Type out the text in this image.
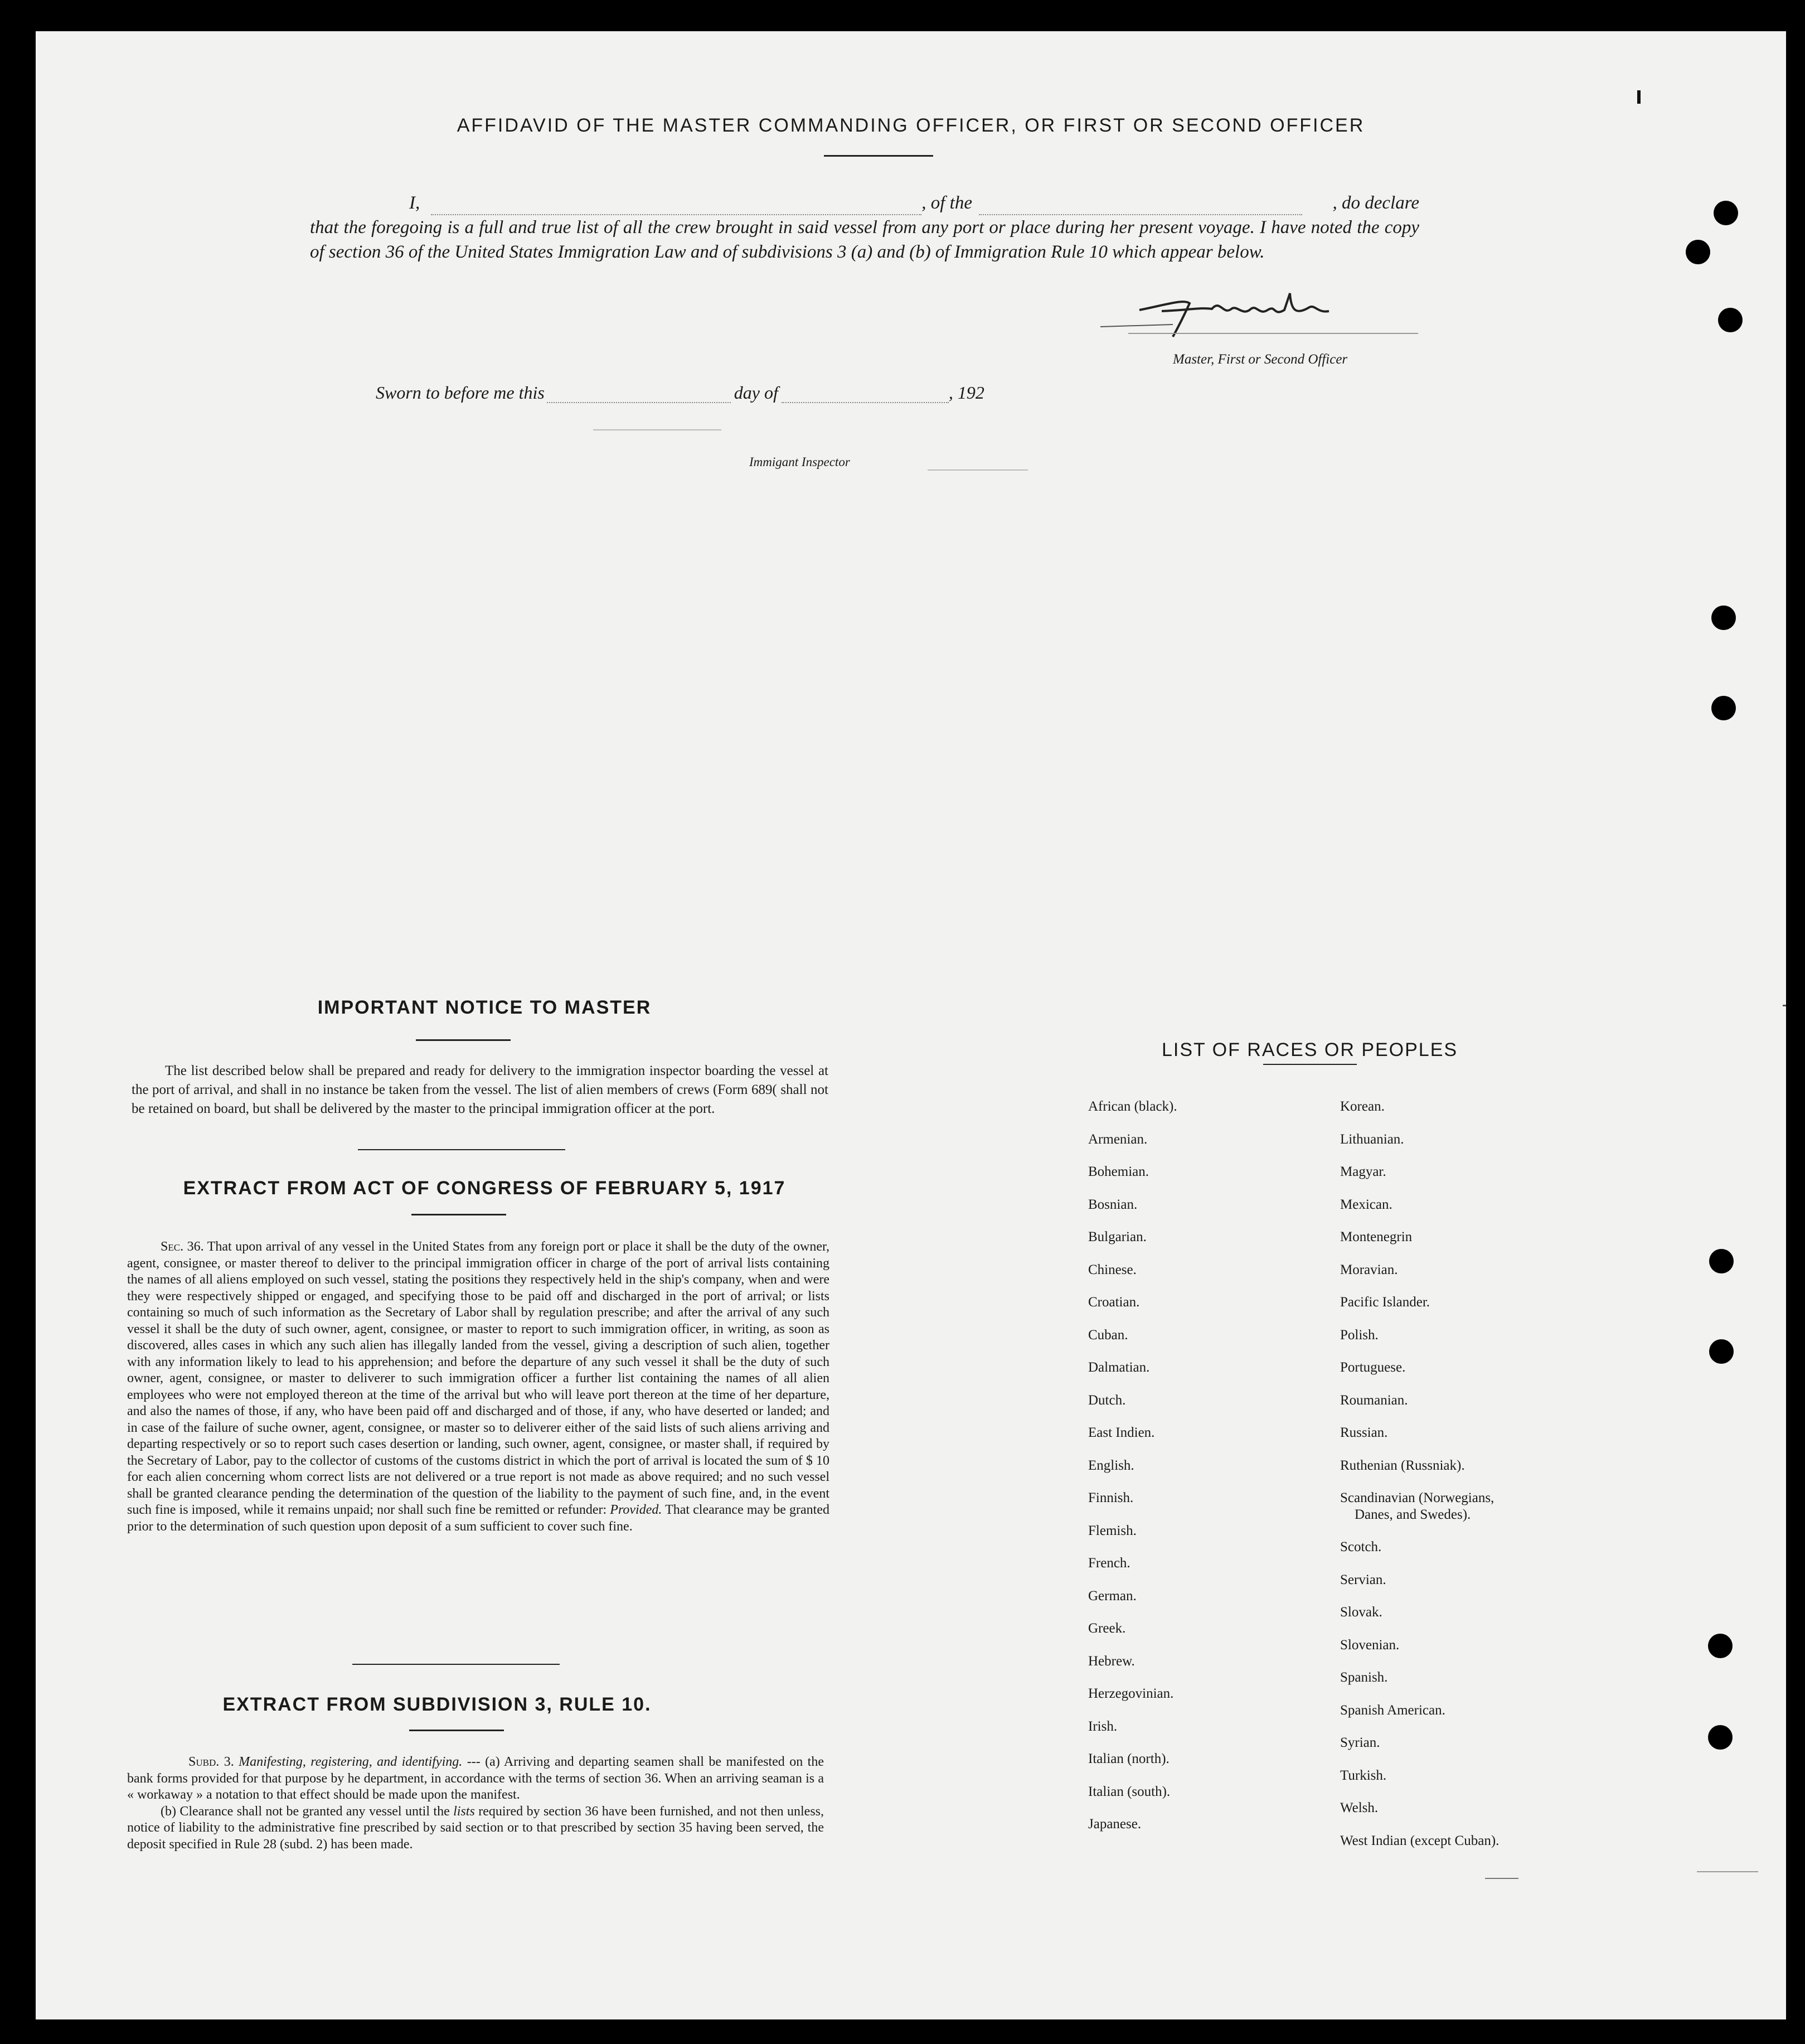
AFFIDAVID OF THE MASTER COMMANDING OFFICER, OR FIRST OR SECOND OFFICER
I,	, of the	, do declare
that the foregoing is a full and true list of all the crew brought in said vessel from any port or place during her present voyage. I have noted the copy of section 36 of the United States Immigration Law and of subdivisions 3 (a) and (b) of Immigration Rule 10 which appear below.
Master, First or Second Officer
Sworn to before me this	day of	, 192
Immigant Inspector
IMPORTANT NOTICE TO MASTER
The list described below shall be prepared and ready for delivery to the immigration inspector boarding the vessel at the port of arrival, and shall in no instance be taken from the vessel. The list of alien members of crews (Form 689( shall not be retained on board, but shall be delivered by the master to the principal immigration officer at the port.
EXTRACT FROM ACT OF CONGRESS OF FEBRUARY 5, 1917
Sec. 36. That upon arrival of any vessel in the United States from any foreign port or place it shall be the duty of the owner, agent, consignee, or master thereof to deliver to the principal immigration officer in charge of the port of arrival lists containing the names of all aliens employed on such vessel, stating the positions they respectively held in the ship's company, when and were they were respectively shipped or engaged, and specifying those to be paid off and discharged in the port of arrival; or lists containing so much of such information as the Secretary of Labor shall by regulation prescribe; and after the arrival of any such vessel it shall be the duty of such owner, agent, consignee, or master to report to such immigration officer, in writing, as soon as discovered, alles cases in which any such alien has illegally landed from the vessel, giving a description of such alien, together with any information likely to lead to his apprehension; and before the departure of any such vessel it shall be the duty of such owner, agent, consignee, or master to deliverer to such immigration officer a further list containing the names of all alien employees who were not employed thereon at the time of the arrival but who will leave port thereon at the time of her departure, and also the names of those, if any, who have been paid off and discharged and of those, if any, who have deserted or landed; and in case of the failure of suche owner, agent, consignee, or master so to deliverer either of the said lists of such aliens arriving and departing respectively or so to report such cases desertion or landing, such owner, agent, consignee, or master shall, if required by the Secretary of Labor, pay to the collector of customs of the customs district in which the port of arrival is located the sum of $ 10 for each alien concerning whom correct lists are not delivered or a true report is not made as above required; and no such vessel shall be granted clearance pending the determination of the question of the liability to the payment of such fine, and, in the event such fine is imposed, while it remains unpaid; nor shall such fine be remitted or refunder: Provided. That clearance may be granted prior to the determination of such question upon deposit of a sum sufficient to cover such fine.
EXTRACT FROM SUBDIVISION 3, RULE 10.
Subd. 3. Manifesting, registering, and identifying. --- (a) Arriving and departing seamen shall be manifested on the bank forms provided for that purpose by he department, in accordance with the terms of section 36. When an arriving seaman is a « workaway » a notation to that effect should be made upon the manifest.
(b) Clearance shall not be granted any vessel until the lists required by section 36 have been furnished, and not then unless, notice of liability to the administrative fine prescribed by said section or to that prescribed by section 35 having been served, the deposit specified in Rule 28 (subd. 2) has been made.
LIST OF RACES OR PEOPLES
African (black).
Armenian.
Bohemian.
Bosnian.
Bulgarian.
Chinese.
Croatian.
Cuban.
Dalmatian.
Dutch.
East Indien.
English.
Finnish.
Flemish.
French.
German.
Greek.
Hebrew.
Herzegovinian.
Irish.
Italian (north).
Italian (south).
Japanese.
Korean.
Lithuanian.
Magyar.
Mexican.
Montenegrin
Moravian.
Pacific Islander.
Polish.
Portuguese.
Roumanian.
Russian.
Ruthenian (Russniak).
Scandinavian (Norwegians,
Danes, and Swedes).
Scotch.
Servian.
Slovak.
Slovenian.
Spanish.
Spanish American.
Syrian.
Turkish.
Welsh.
West Indian (except Cuban).
